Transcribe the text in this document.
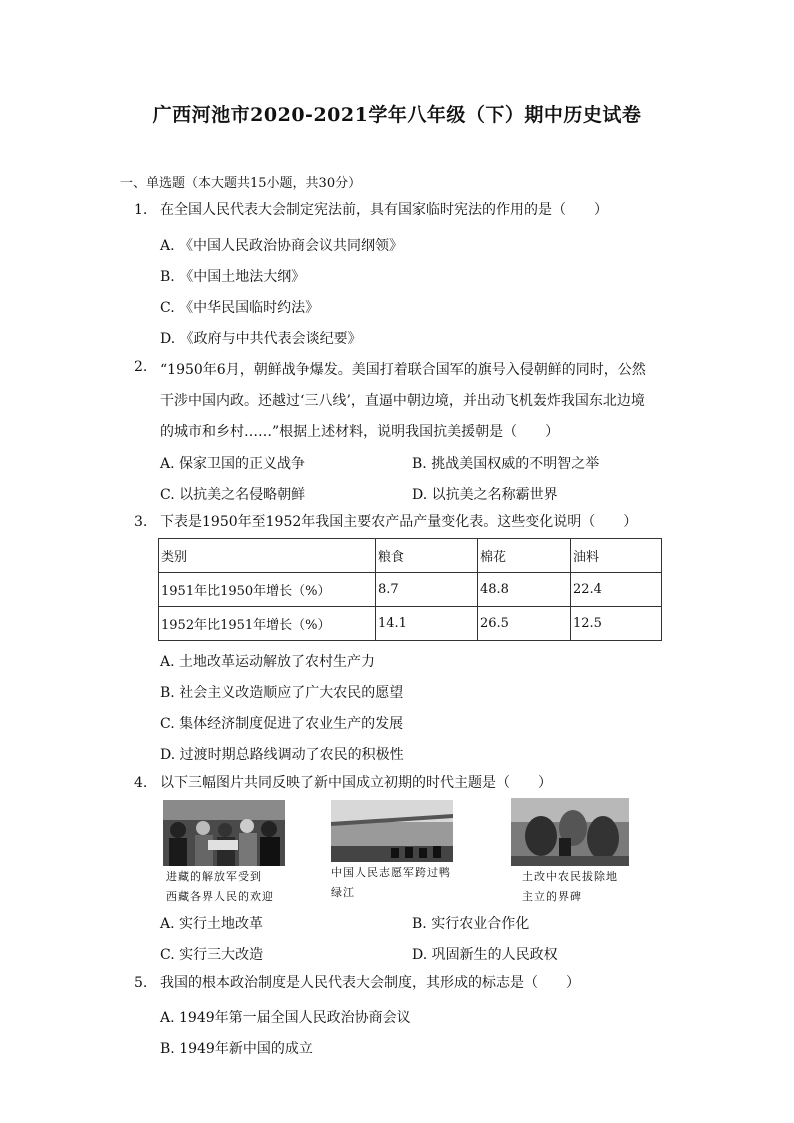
广西河池市2020-2021学年八年级（下）期中历史试卷
一、单选题（本大题共15小题，共30分）
1. 在全国人民代表大会制定宪法前，具有国家临时宪法的作用的是（　　）
A. 《中国人民政治协商会议共同纲领》
B. 《中国土地法大纲》
C. 《中华民国临时约法》
D. 《政府与中共代表会谈纪要》
2. “1950年6月，朝鲜战争爆发。美国打着联合国军的旗号入侵朝鲜的同时，公然
干涉中国内政。还越过‘三八线’，直逼中朝边境，并出动飞机轰炸我国东北边境
的城市和乡村……”根据上述材料，说明我国抗美援朝是（　　）
A. 保家卫国的正义战争	B. 挑战美国权威的不明智之举
C. 以抗美之名侵略朝鲜	D. 以抗美之名称霸世界
3. 下表是1950年至1952年我国主要农产品产量变化表。这些变化说明（　　）
类别	粮食	棉花	油料
1951年比1950年增长（%）	8.7	48.8	22.4
1952年比1951年增长（%）	14.1	26.5	12.5
A. 土地改革运动解放了农村生产力
B. 社会主义改造顺应了广大农民的愿望
C. 集体经济制度促进了农业生产的发展
D. 过渡时期总路线调动了农民的积极性
4. 以下三幅图片共同反映了新中国成立初期的时代主题是（　　）
进藏的解放军受到
西藏各界人民的欢迎
中国人民志愿军跨过鸭
绿江
土改中农民拔除地
主立的界碑
A. 实行土地改革	B. 实行农业合作化
C. 实行三大改造	D. 巩固新生的人民政权
5. 我国的根本政治制度是人民代表大会制度，其形成的标志是（　　）
A. 1949年第一届全国人民政治协商会议
B. 1949年新中国的成立
